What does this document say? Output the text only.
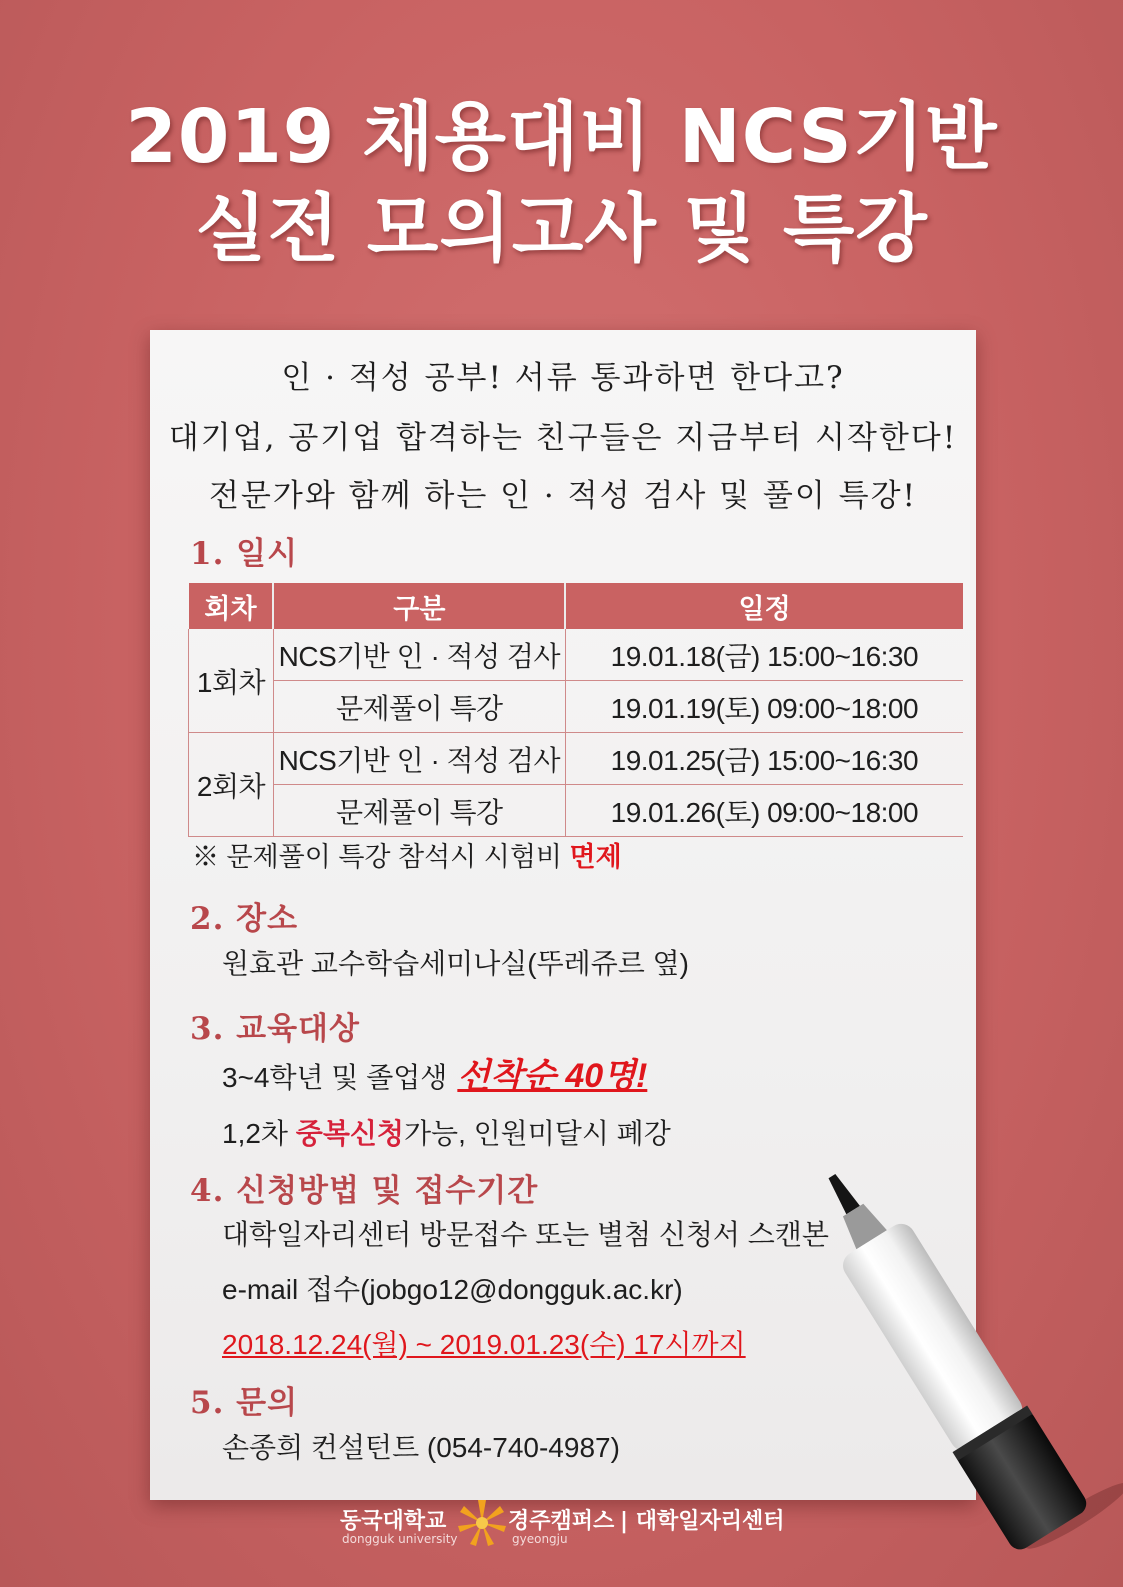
2019 채용대비 NCS기반
실전 모의고사 및 특강
인 · 적성 공부! 서류 통과하면 한다고?
대기업, 공기업 합격하는 친구들은 지금부터 시작한다!
전문가와 함께 하는 인 · 적성 검사 및 풀이 특강!
1. 일시
회차	구분	일정
1회차	NCS기반 인 · 적성 검사	19.01.18(금) 15:00~16:30
	문제풀이 특강	19.01.19(토) 09:00~18:00
2회차	NCS기반 인 · 적성 검사	19.01.25(금) 15:00~16:30
	문제풀이 특강	19.01.26(토) 09:00~18:00
※ 문제풀이 특강 참석시 시험비 면제
2. 장소
원효관 교수학습세미나실(뚜레쥬르 옆)
3. 교육대상
3~4학년 및 졸업생 선착순 40명!
1,2차 중복신청가능, 인원미달시 폐강
4. 신청방법 및 접수기간
대학일자리센터 방문접수 또는 별첨 신청서 스캔본
e-mail 접수(jobgo12@dongguk.ac.kr)
2018.12.24(월) ~ 2019.01.23(수) 17시까지
5. 문의
손종희 컨설턴트 (054-740-4987)
동국대학교
dongguk university
경주캠퍼스
gyeongju
| 대학일자리센터
